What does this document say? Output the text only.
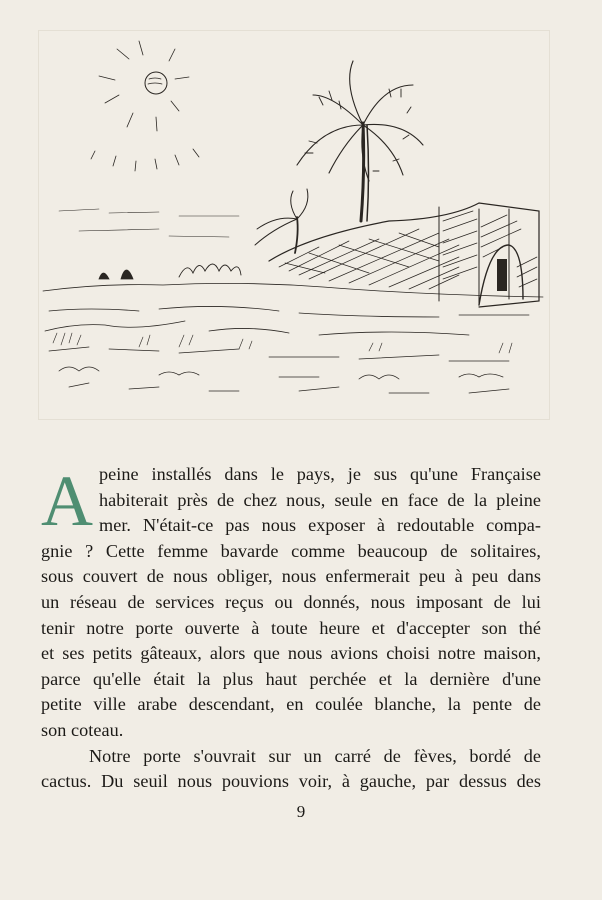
A peine installés dans le pays, je sus qu'une Française
habiterait près de chez nous, seule en face de la pleine
mer. N'était-ce pas nous exposer à redoutable compa-
gnie ? Cette femme bavarde comme beaucoup de solitaires,
sous couvert de nous obliger, nous enfermerait peu à peu dans
un réseau de services reçus ou donnés, nous imposant de lui
tenir notre porte ouverte à toute heure et d'accepter son thé
et ses petits gâteaux, alors que nous avions choisi notre maison,
parce qu'elle était la plus haut perchée et la dernière d'une
petite ville arabe descendant, en coulée blanche, la pente de
son coteau.
Notre porte s'ouvrait sur un carré de fèves, bordé de
cactus. Du seuil nous pouvions voir, à gauche, par dessus des
9
